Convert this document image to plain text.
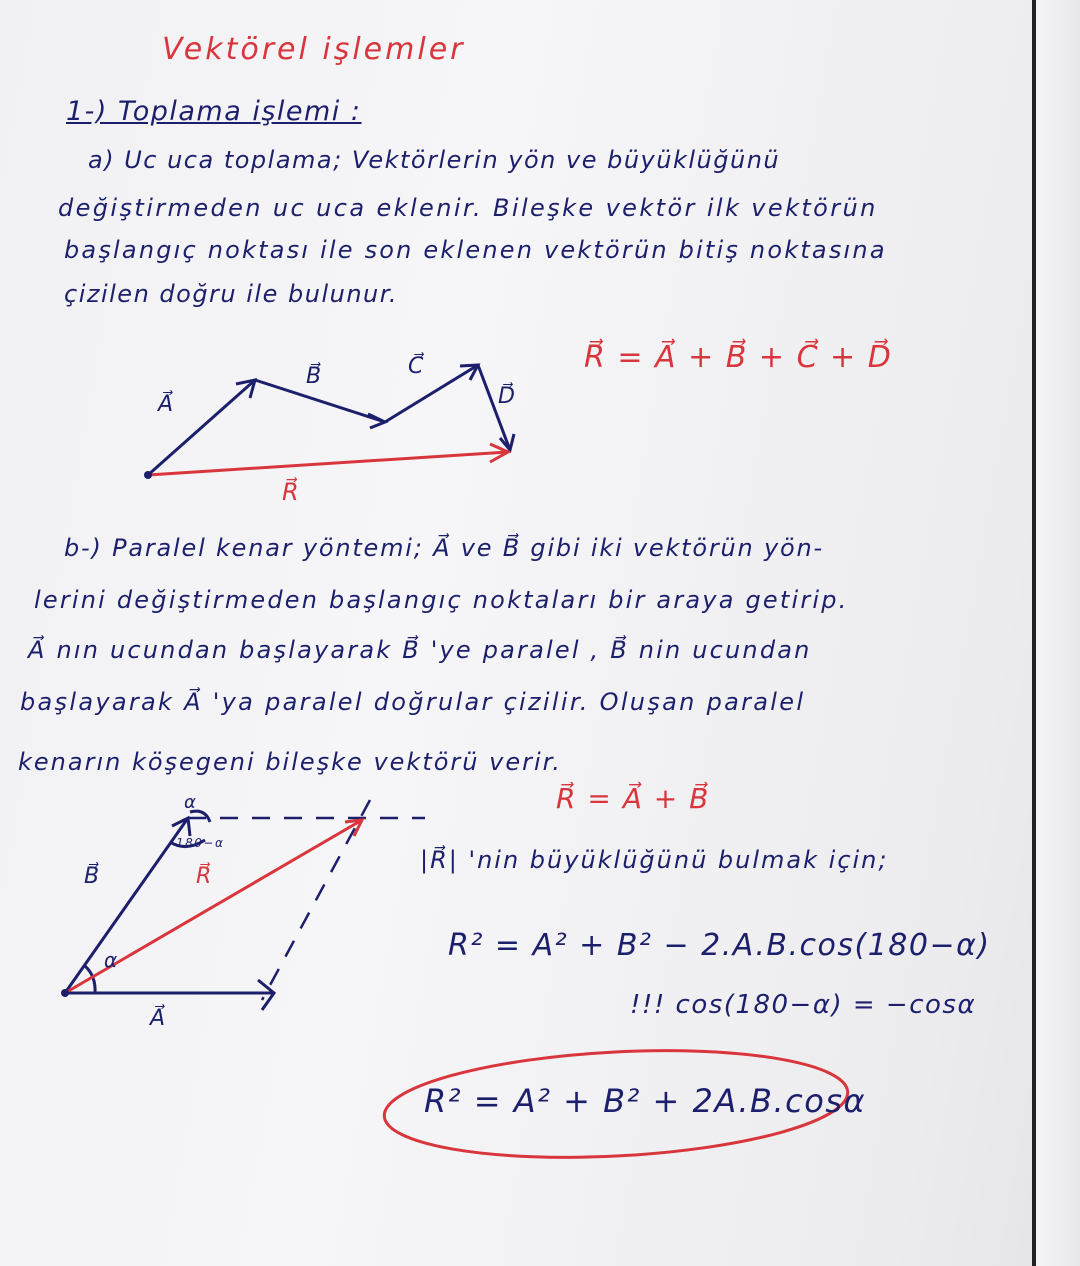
Vektörel işlemler
1-) Toplama işlemi :
a) Uc uca toplama; Vektörlerin yön ve büyüklüğünü
değiştirmeden uc uca eklenir. Bileşke vektör ilk vektörün
başlangıç noktası ile son eklenen vektörün bitiş noktasına
çizilen doğru ile bulunur.
R⃗ = A⃗ + B⃗ + C⃗ + D⃗
A⃗
B⃗	C⃗
D⃗
R⃗
b-) Paralel kenar yöntemi; A⃗ ve B⃗ gibi iki vektörün yön-
lerini değiştirmeden başlangıç noktaları bir araya getirip.
A⃗ nın ucundan başlayarak B⃗ 'ye paralel , B⃗ nin ucundan
başlayarak A⃗ 'ya paralel doğrular çizilir. Oluşan paralel
kenarın köşegeni bileşke vektörü verir.
R⃗ = A⃗ + B⃗
α
180−α
B⃗	R⃗
α
A⃗
|R⃗| 'nin büyüklüğünü bulmak için;
R² = A² + B² − 2.A.B.cos(180−α)
!!! cos(180−α) = −cosα
R² = A² + B² + 2A.B.cosα
